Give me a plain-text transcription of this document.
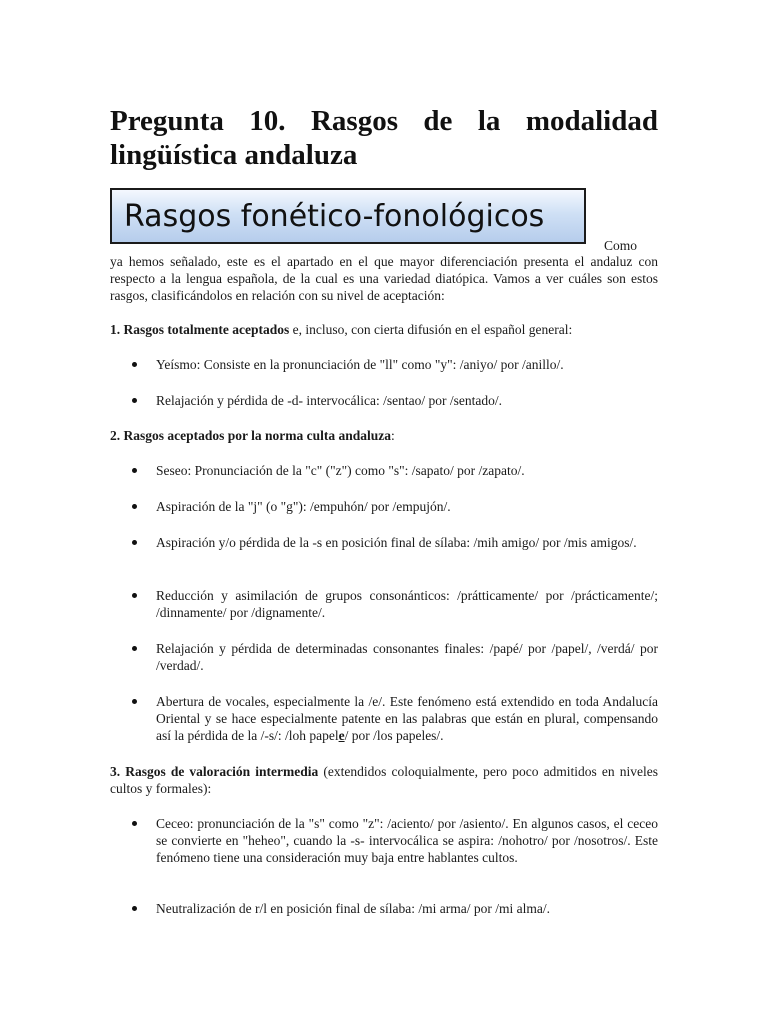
Pregunta 10. Rasgos de la modalidad lingüística andaluza
Rasgos fonético-fonológicos
Como

ya hemos señalado, este es el apartado en el que mayor diferenciación presenta el andaluz con respecto a la lengua española, de la cual es una variedad diatópica. Vamos a ver cuáles son estos rasgos, clasificándolos en relación con su nivel de aceptación:

1. Rasgos totalmente aceptados e, incluso, con cierta difusión en el español general:

Yeísmo: Consiste en la pronunciación de "ll" como "y": /aniyo/ por /anillo/.
Relajación y pérdida de -d- intervocálica: /sentao/ por /sentado/.

2. Rasgos aceptados por la norma culta andaluza:

Seseo: Pronunciación de la "c" ("z") como "s": /sapato/ por /zapato/.
Aspiración de la "j" (o "g"): /empuhón/ por /empujón/.
Aspiración y/o pérdida de la -s en posición final de sílaba: /mih amigo/ por /mis amigos/.
Reducción y asimilación de grupos consonánticos: /prátticamente/ por /prácticamente/; /dinnamente/ por /dignamente/.
Relajación y pérdida de determinadas consonantes finales: /papé/ por /papel/, /verdá/ por /verdad/.
Abertura de vocales, especialmente la /e/. Este fenómeno está extendido en toda Andalucía Oriental y se hace especialmente patente en las palabras que están en plural, compensando así la pérdida de la /-s/: /loh papele/ por /los papeles/.

3. Rasgos de valoración intermedia (extendidos coloquialmente, pero poco admitidos en niveles cultos y formales):

Ceceo: pronunciación de la "s" como "z": /aciento/ por /asiento/. En algunos casos, el ceceo se convierte en "heheo", cuando la -s- intervocálica se aspira: /nohotro/ por /nosotros/. Este fenómeno tiene una consideración muy baja entre hablantes cultos.
Neutralización de r/l en posición final de sílaba: /mi arma/ por /mi alma/.
